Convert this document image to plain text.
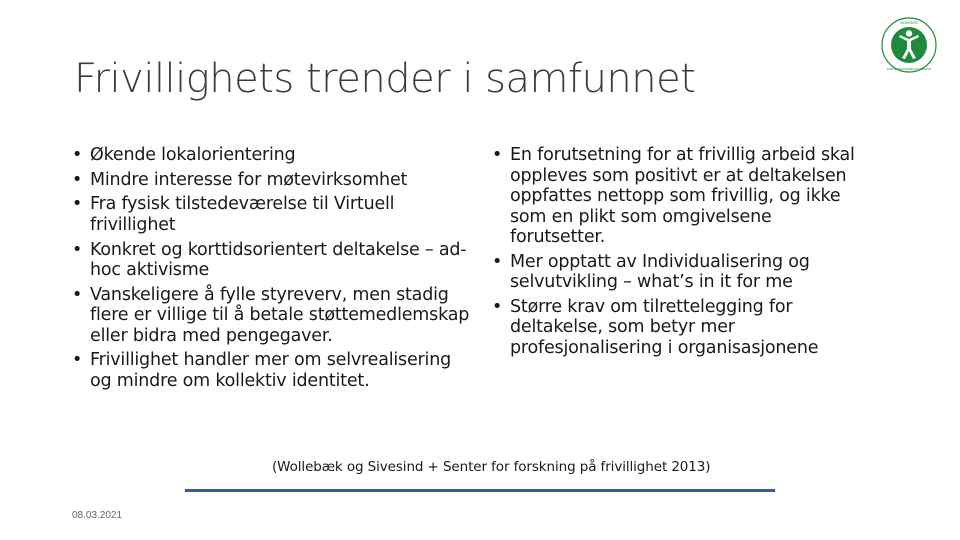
Frivillighets trender i samfunnet
NORGES
FORSKNINGSHJELPFORBUND
• Økende lokalorientering
• Mindre interesse for møtevirksomhet
• Fra fysisk tilstedeværelse til Virtuell frivillighet
• Konkret og korttidsorientert deltakelse – ad-hoc aktivisme
• Vanskeligere å fylle styreverv, men stadig flere er villige til å betale støttemedlemskap eller bidra med pengegaver.
• Frivillighet handler mer om selvrealisering og mindre om kollektiv identitet.
• En forutsetning for at frivillig arbeid skal oppleves som positivt er at deltakelsen oppfattes nettopp som frivillig, og ikke som en plikt som omgivelsene forutsetter.
• Mer opptatt av Individualisering og selvutvikling – what’s in it for me
• Større krav om tilrettelegging for deltakelse, som betyr mer profesjonalisering i organisasjonene
(Wollebæk og Sivesind + Senter for forskning på frivillighet 2013)
08.03.2021
